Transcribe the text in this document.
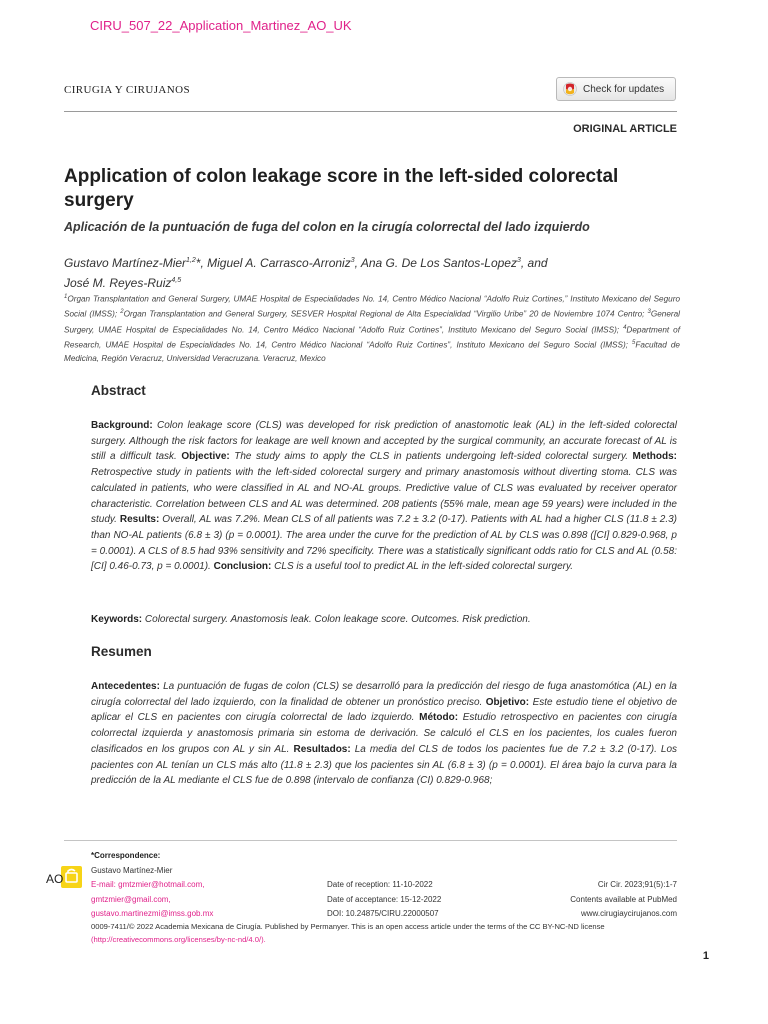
CIRU_507_22_Application_Martinez_AO_UK
CIRUGIA Y CIRUJANOS	Check for updates
ORIGINAL ARTICLE
Application of colon leakage score in the left-sided colorectal surgery
Aplicación de la puntuación de fuga del colon en la cirugía colorrectal del lado izquierdo
Gustavo Martínez-Mier$^{1,2}$*, Miguel A. Carrasco-Arroniz$^3$, Ana G. De Los Santos-Lopez$^3$, and
José M. Reyes-Ruiz$^{4,5}$
$^1$Organ Transplantation and General Surgery, UMAE Hospital de Especialidades No. 14, Centro Médico Nacional “Adolfo Ruiz Cortines,” Instituto Mexicano del Seguro Social (IMSS); $^2$Organ Transplantation and General Surgery, SESVER Hospital Regional de Alta Especialidad “Virgilio Uribe” 20 de Noviembre 1074 Centro; $^3$General Surgery, UMAE Hospital de Especialidades No. 14, Centro Médico Nacional “Adolfo Ruiz Cortines”, Instituto Mexicano del Seguro Social (IMSS); $^4$Department of Research, UMAE Hospital de Especialidades No. 14, Centro Médico Nacional “Adolfo Ruiz Cortines”, Instituto Mexicano del Seguro Social (IMSS); $^5$Facultad de Medicina, Región Veracruz, Universidad Veracruzana. Veracruz, Mexico
Abstract
Background: Colon leakage score (CLS) was developed for risk prediction of anastomotic leak (AL) in the left-sided colorectal surgery. Although the risk factors for leakage are well known and accepted by the surgical community, an accurate forecast of AL is still a difficult task. Objective: The study aims to apply the CLS in patients undergoing left-sided colorectal surgery. Methods: Retrospective study in patients with the left-sided colorectal surgery and primary anastomosis without diverting stoma. CLS was calculated in patients, who were classified in AL and NO-AL groups. Predictive value of CLS was evaluated by receiver operator characteristic. Correlation between CLS and AL was determined. 208 patients (55% male, mean age 59 years) were included in the study. Results: Overall, AL was 7.2%. Mean CLS of all patients was 7.2 ± 3.2 (0-17). Patients with AL had a higher CLS (11.8 ± 2.3) than NO-AL patients (6.8 ± 3) (p = 0.0001). The area under the curve for the prediction of AL by CLS was 0.898 ([CI] 0.829-0.968, p = 0.0001). A CLS of 8.5 had 93% sensitivity and 72% specificity. There was a statistically significant odds ratio for CLS and AL (0.58: [CI] 0.46-0.73, p = 0.0001). Conclusion: CLS is a useful tool to predict AL in the left-sided colorectal surgery.
Keywords: Colorectal surgery. Anastomosis leak. Colon leakage score. Outcomes. Risk prediction.
Resumen
Antecedentes: La puntuación de fugas de colon (CLS) se desarrolló para la predicción del riesgo de fuga anastomótica (AL) en la cirugía colorrectal del lado izquierdo, con la finalidad de obtener un pronóstico preciso. Objetivo: Este estudio tiene el objetivo de aplicar el CLS en pacientes con cirugía colorrectal de lado izquierdo. Método: Estudio retrospectivo en pacientes con cirugía colorrectal izquierda y anastomosis primaria sin estoma de derivación. Se calculó el CLS en los pacientes, los cuales fueron clasificados en los grupos con AL y sin AL. Resultados: La media del CLS de todos los pacientes fue de 7.2 ± 3.2 (0-17). Los pacientes con AL tenían un CLS más alto (11.8 ± 2.3) que los pacientes sin AL (6.8 ± 3) (p = 0.0001). El área bajo la curva para la predicción de la AL mediante el CLS fue de 0.898 (intervalo de confianza (CI) 0.829-0.968;
AO
*Correspondence:
Gustavo Martínez-Mier
E-mail: gmtzmier@hotmail.com,
gmtzmier@gmail.com,
gustavo.martinezmi@imss.gob.mx
Date of reception: 11-10-2022
Date of acceptance: 15-12-2022
DOI: 10.24875/CIRU.22000507
Cir Cir. 2023;91(5):1-7
Contents available at PubMed
www.cirugiaycirujanos.com
0009-7411/© 2022 Academia Mexicana de Cirugía. Published by Permanyer. This is an open access article under the terms of the CC BY-NC-ND license
(http://creativecommons.org/licenses/by-nc-nd/4.0/).
1
